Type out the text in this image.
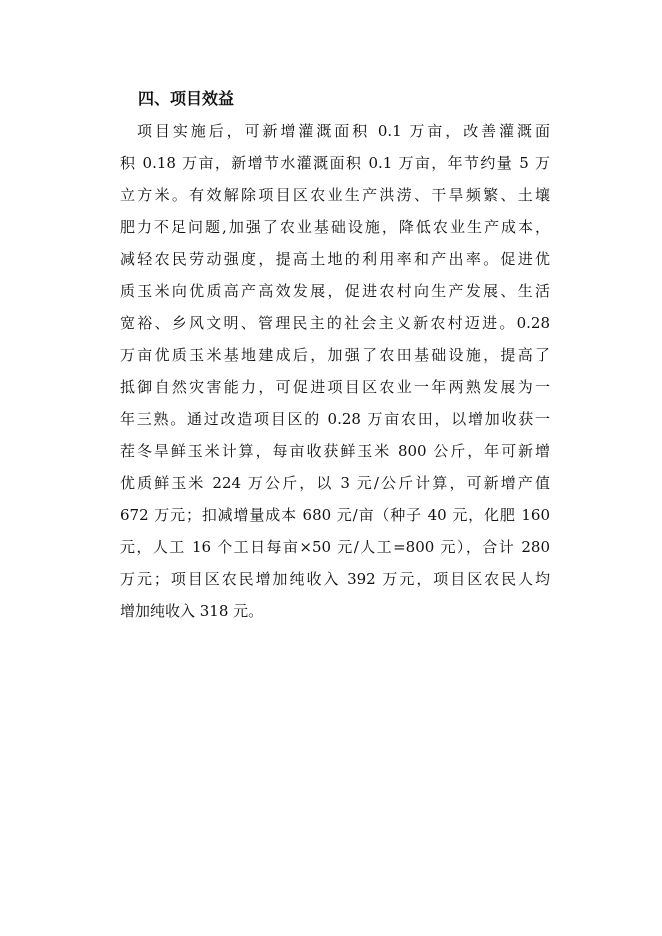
四、项目效益
项目实施后，可新增灌溉面积 0.1 万亩，改善灌溉面
积 0.18 万亩，新增节水灌溉面积 0.1 万亩，年节约量 5 万
立方米。有效解除项目区农业生产洪涝、干旱频繁、土壤
肥力不足问题,加强了农业基础设施，降低农业生产成本，
减轻农民劳动强度，提高土地的利用率和产出率。促进优
质玉米向优质高产高效发展，促进农村向生产发展、生活
宽裕、乡风文明、管理民主的社会主义新农村迈进。0.28
万亩优质玉米基地建成后，加强了农田基础设施，提高了
抵御自然灾害能力，可促进项目区农业一年两熟发展为一
年三熟。通过改造项目区的 0.28 万亩农田，以增加收获一
茬冬旱鲜玉米计算，每亩收获鲜玉米 800 公斤，年可新增
优质鲜玉米 224 万公斤，以 3 元/公斤计算，可新增产值
672 万元；扣减增量成本 680 元/亩（种子 40 元，化肥 160
元，人工 16 个工日每亩×50 元/人工=800 元），合计 280
万元；项目区农民增加纯收入 392 万元，项目区农民人均
增加纯收入 318 元。
